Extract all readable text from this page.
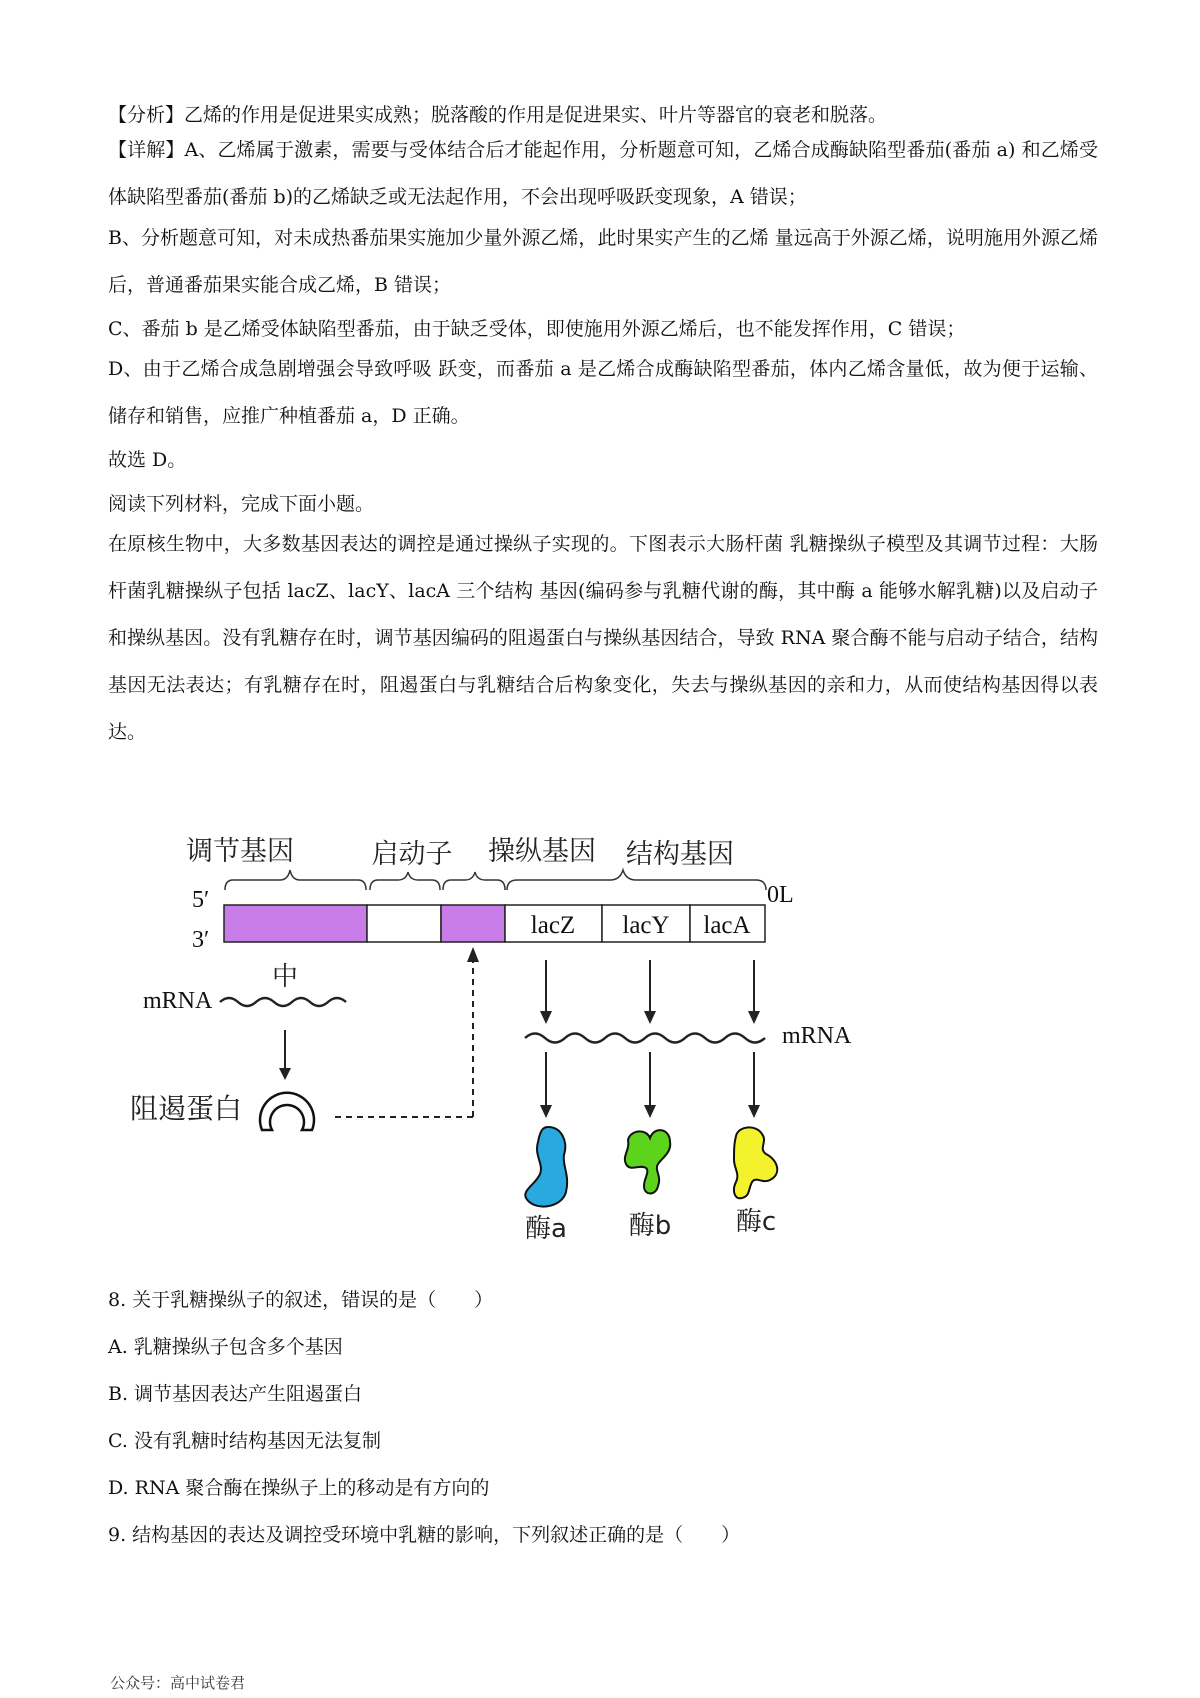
【分析】乙烯的作用是促进果实成熟；脱落酸的作用是促进果实、叶片等器官的衰老和脱落。

【详解】A、乙烯属于激素，需要与受体结合后才能起作用，分析题意可知，乙烯合成酶缺陷型番茄(番茄 a) 和乙烯受体缺陷型番茄(番茄 b)的乙烯缺乏或无法起作用，不会出现呼吸跃变现象，A 错误；

B、分析题意可知，对未成热番茄果实施加少量外源乙烯，此时果实产生的乙烯 量远高于外源乙烯，说明施用外源乙烯后，普通番茄果实能合成乙烯，B 错误；

C、番茄 b 是乙烯受体缺陷型番茄，由于缺乏受体，即使施用外源乙烯后，也不能发挥作用，C 错误；

D、由于乙烯合成急剧增强会导致呼吸 跃变，而番茄 a 是乙烯合成酶缺陷型番茄，体内乙烯含量低，故为便于运输、储存和销售，应推广种植番茄 a，D 正确。

故选 D。

阅读下列材料，完成下面小题。

在原核生物中，大多数基因表达的调控是通过操纵子实现的。下图表示大肠杆菌 乳糖操纵子模型及其调节过程：大肠杆菌乳糖操纵子包括 lacZ、lacY、lacA 三个结构 基因(编码参与乳糖代谢的酶，其中酶 a 能够水解乳糖)以及启动子和操纵基因。没有乳糖存在时，调节基因编码的阻遏蛋白与操纵基因结合，导致 RNA 聚合酶不能与启动子结合，结构基因无法表达；有乳糖存在时，阻遏蛋白与乳糖结合后构象变化，失去与操纵基因的亲和力，从而使结构基因得以表达。

调节基因	启动子 操纵基因 结构基因
5′
3′
0L
lacZ lacY lacA
中
mRNA
阻遏蛋白
mRNA
酶a 酶b 酶c

8. 关于乳糖操纵子的叙述，错误的是（　　）

A. 乳糖操纵子包含多个基因

B. 调节基因表达产生阻遏蛋白

C. 没有乳糖时结构基因无法复制

D. RNA 聚合酶在操纵子上的移动是有方向的

9. 结构基因的表达及调控受环境中乳糖的影响，下列叙述正确的是（　　）

公众号：高中试卷君
